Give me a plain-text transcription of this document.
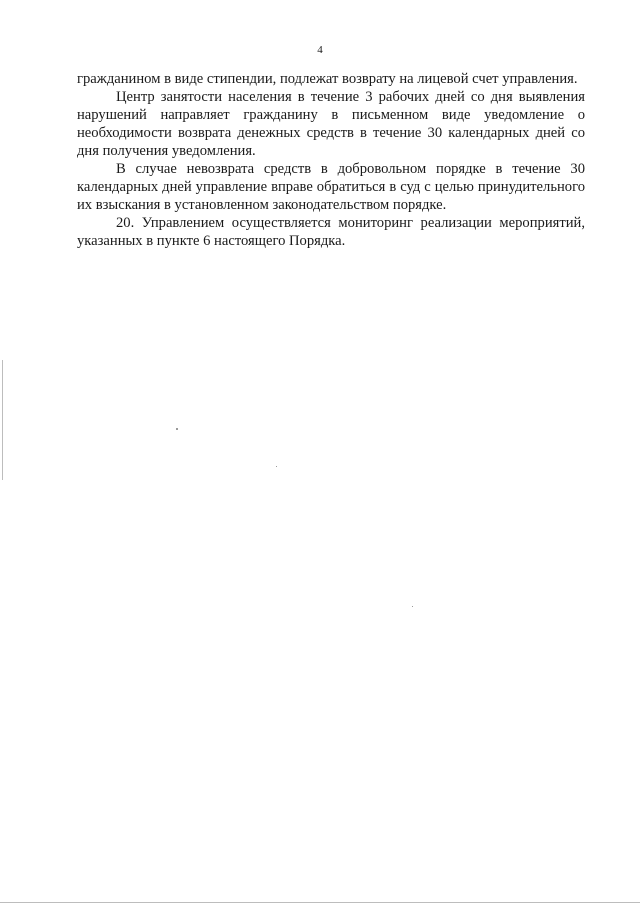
4

гражданином в виде стипендии, подлежат возврату на лицевой счет управления.

Центр занятости населения в течение 3 рабочих дней со дня выявления нарушений направляет гражданину в письменном виде уведомление о необходимости возврата денежных средств в течение 30 календарных дней со дня получения уведомления.

В случае невозврата средств в добровольном порядке в течение 30 календарных дней управление вправе обратиться в суд с целью принудительного их взыскания в установленном законодательством порядке.

20. Управлением осуществляется мониторинг реализации мероприятий, указанных в пункте 6 настоящего Порядка.
